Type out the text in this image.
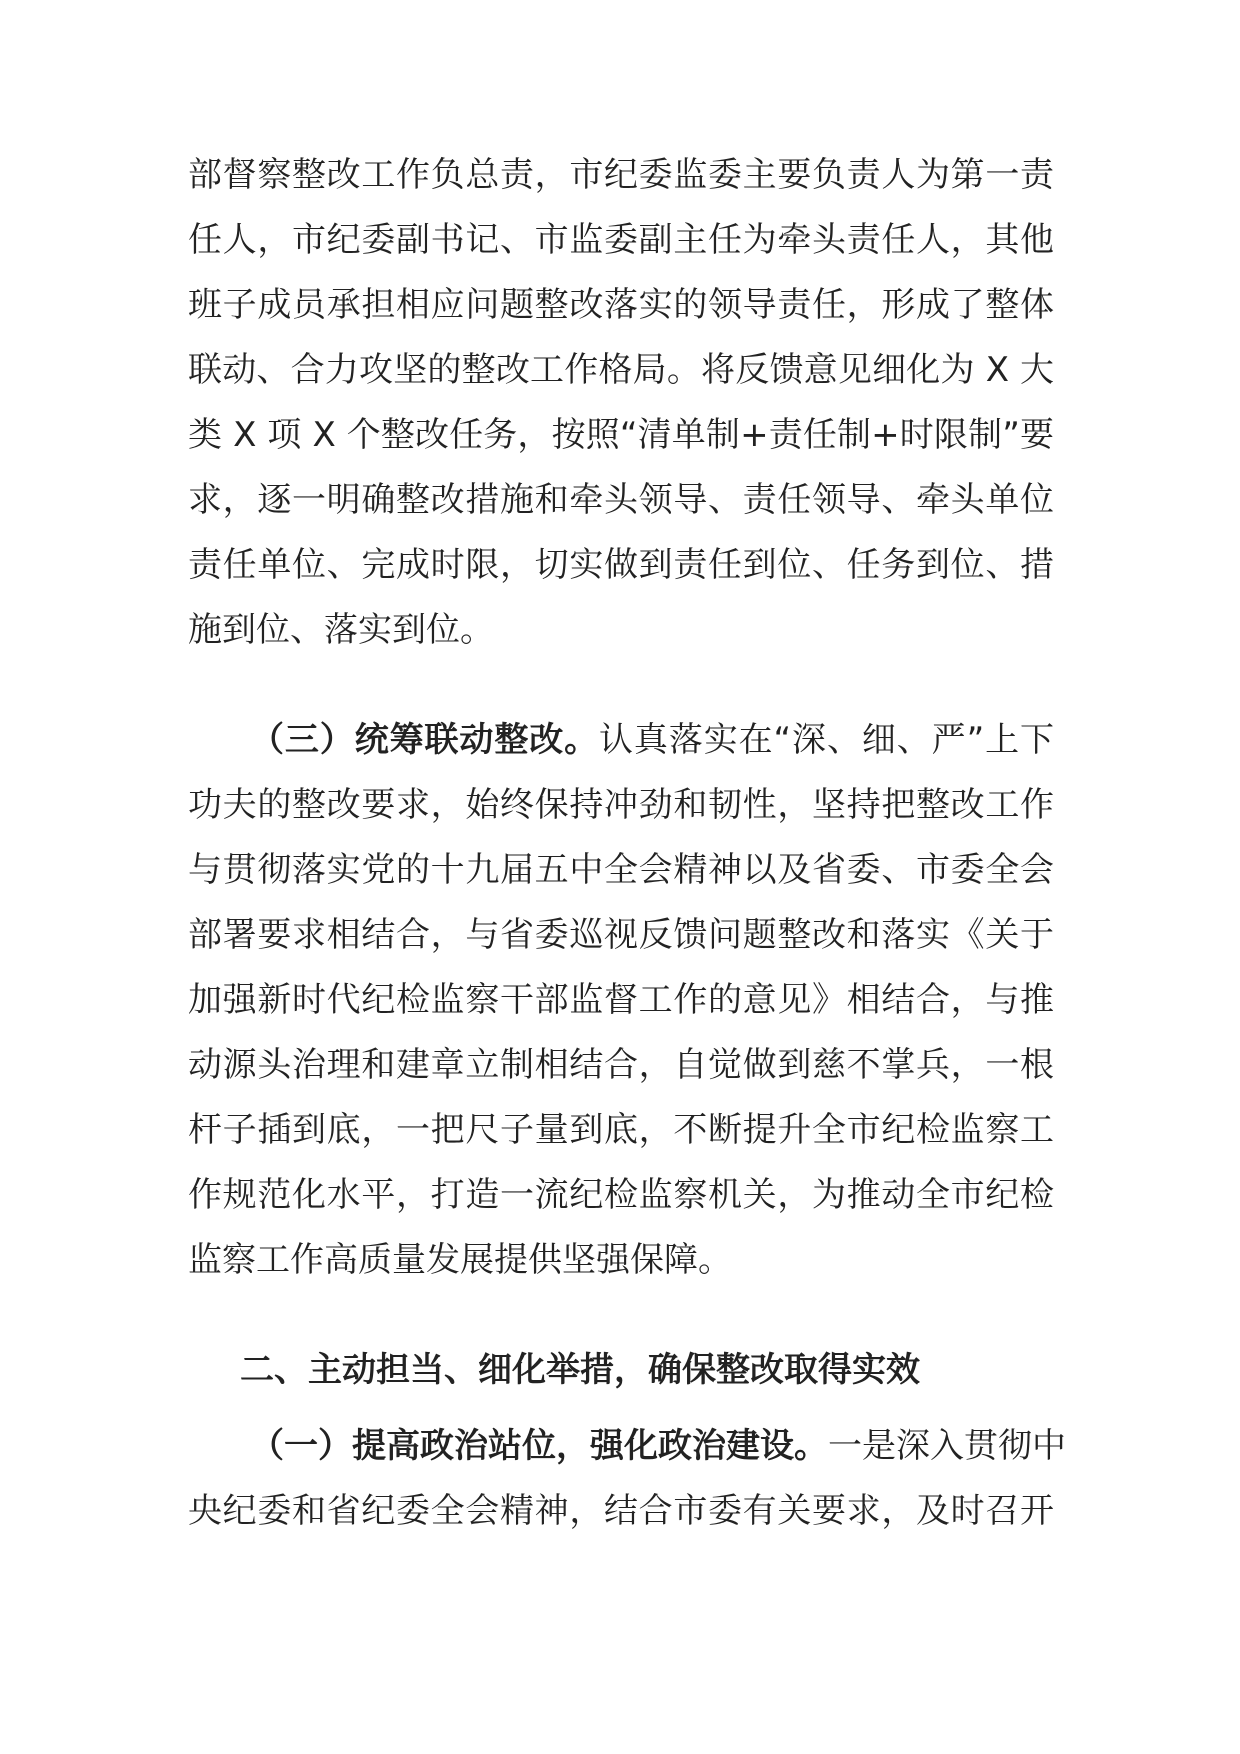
部督察整改工作负总责，市纪委监委主要负责人为第一责
任人，市纪委副书记、市监委副主任为牵头责任人，其他
班子成员承担相应问题整改落实的领导责任，形成了整体
联动、合力攻坚的整改工作格局。将反馈意见细化为 X 大
类 X 项 X 个整改任务，按照“清单制+责任制+时限制”要
求，逐一明确整改措施和牵头领导、责任领导、牵头单位
责任单位、完成时限，切实做到责任到位、任务到位、措
施到位、落实到位。
（三）统筹联动整改。认真落实在“深、细、严”上下
功夫的整改要求，始终保持冲劲和韧性，坚持把整改工作
与贯彻落实党的十九届五中全会精神以及省委、市委全会
部署要求相结合，与省委巡视反馈问题整改和落实《关于
加强新时代纪检监察干部监督工作的意见》相结合，与推
动源头治理和建章立制相结合，自觉做到慈不掌兵，一根
杆子插到底，一把尺子量到底，不断提升全市纪检监察工
作规范化水平，打造一流纪检监察机关，为推动全市纪检
监察工作高质量发展提供坚强保障。
二、主动担当、细化举措，确保整改取得实效
（一）提高政治站位，强化政治建设。一是深入贯彻中
央纪委和省纪委全会精神，结合市委有关要求，及时召开
